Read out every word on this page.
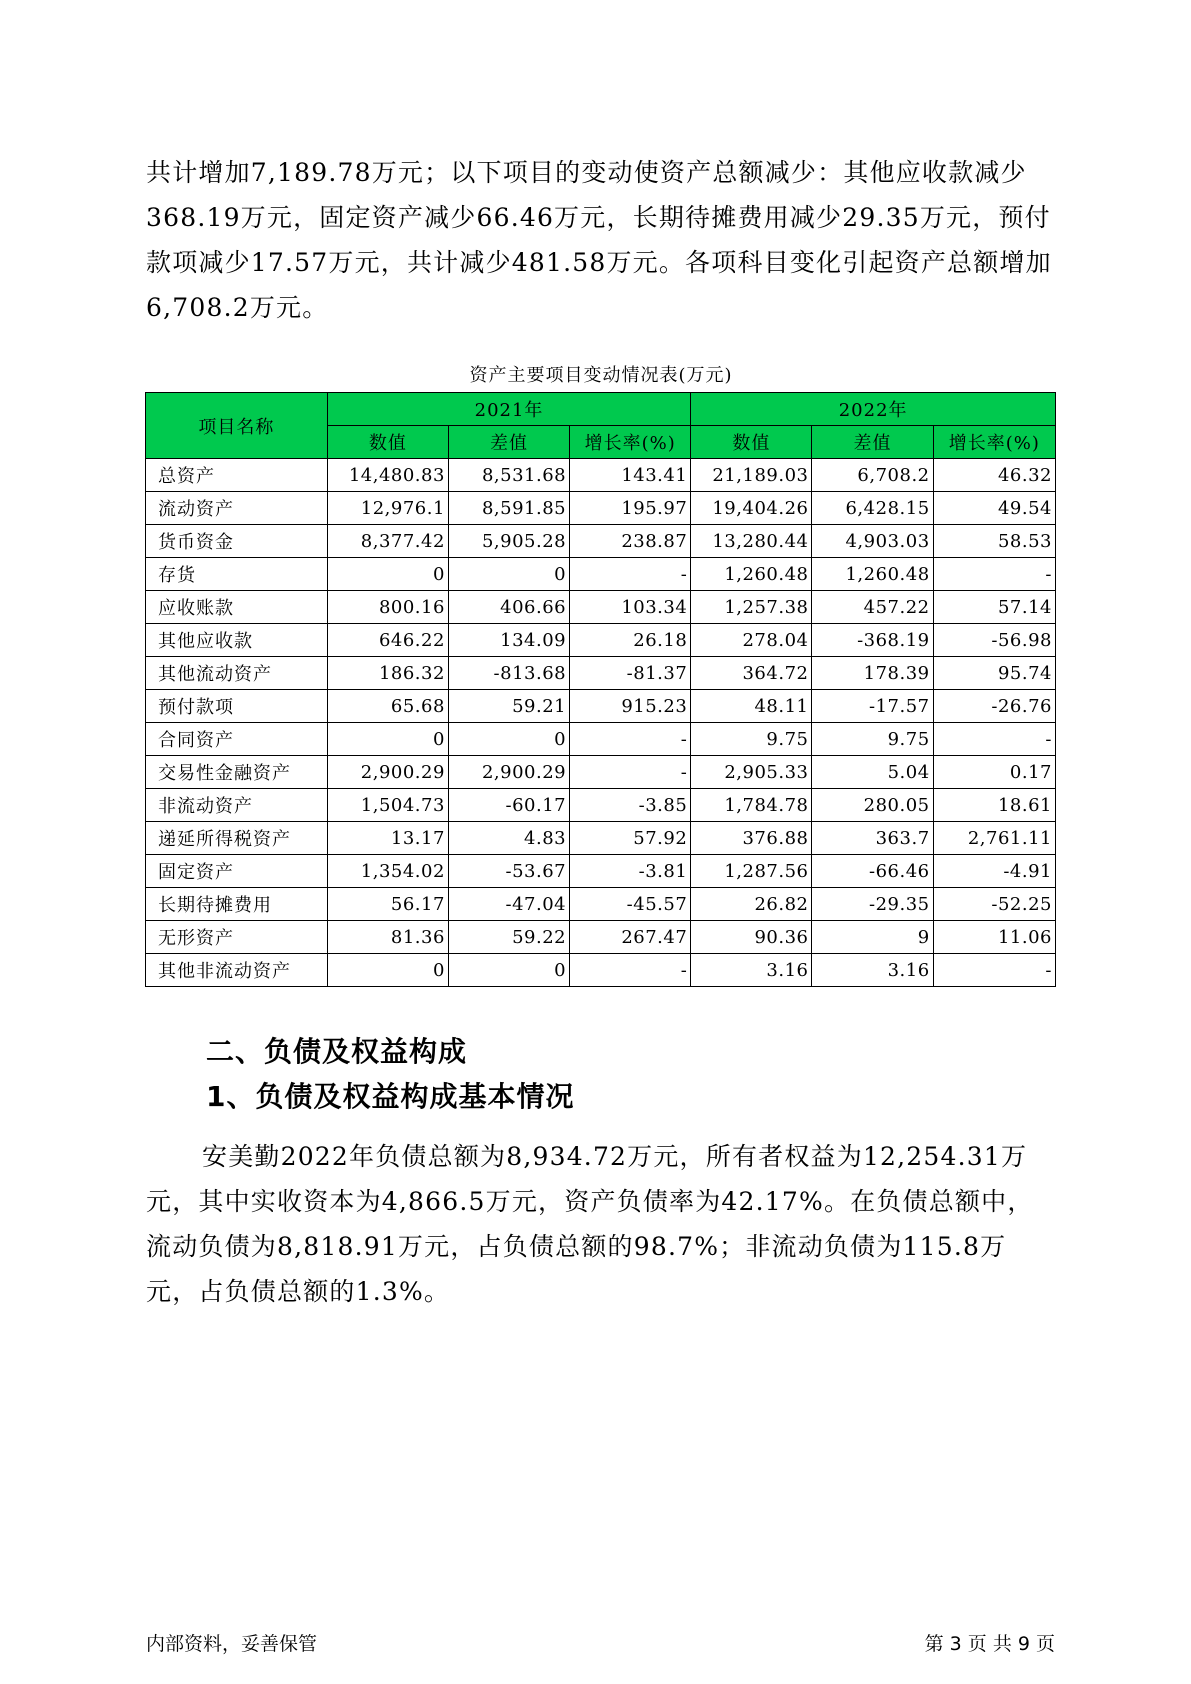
共计增加7,189.78万元；以下项目的变动使资产总额减少：其他应收款减少368.19万元，固定资产减少66.46万元，长期待摊费用减少29.35万元，预付款项减少17.57万元，共计减少481.58万元。各项科目变化引起资产总额增加6,708.2万元。

资产主要项目变动情况表(万元)
项目名称	2021年			2022年		
	数值	差值	增长率(%)	数值	差值	增长率(%)
总资产	14,480.83	8,531.68	143.41	21,189.03	6,708.2	46.32
流动资产	12,976.1	8,591.85	195.97	19,404.26	6,428.15	49.54
货币资金	8,377.42	5,905.28	238.87	13,280.44	4,903.03	58.53
存货	0	0	-	1,260.48	1,260.48	-
应收账款	800.16	406.66	103.34	1,257.38	457.22	57.14
其他应收款	646.22	134.09	26.18	278.04	-368.19	-56.98
其他流动资产	186.32	-813.68	-81.37	364.72	178.39	95.74
预付款项	65.68	59.21	915.23	48.11	-17.57	-26.76
合同资产	0	0	-	9.75	9.75	-
交易性金融资产	2,900.29	2,900.29	-	2,905.33	5.04	0.17
非流动资产	1,504.73	-60.17	-3.85	1,784.78	280.05	18.61
递延所得税资产	13.17	4.83	57.92	376.88	363.7	2,761.11
固定资产	1,354.02	-53.67	-3.81	1,287.56	-66.46	-4.91
长期待摊费用	56.17	-47.04	-45.57	26.82	-29.35	-52.25
无形资产	81.36	59.22	267.47	90.36	9	11.06
其他非流动资产	0	0	-	3.16	3.16	-
二、负债及权益构成
1、负债及权益构成基本情况

安美勤2022年负债总额为8,934.72万元，所有者权益为12,254.31万元，其中实收资本为4,866.5万元，资产负债率为42.17%。在负债总额中，流动负债为8,818.91万元，占负债总额的98.7%；非流动负债为115.8万元，占负债总额的1.3%。

内部资料，妥善保管	第 3 页 共 9 页
